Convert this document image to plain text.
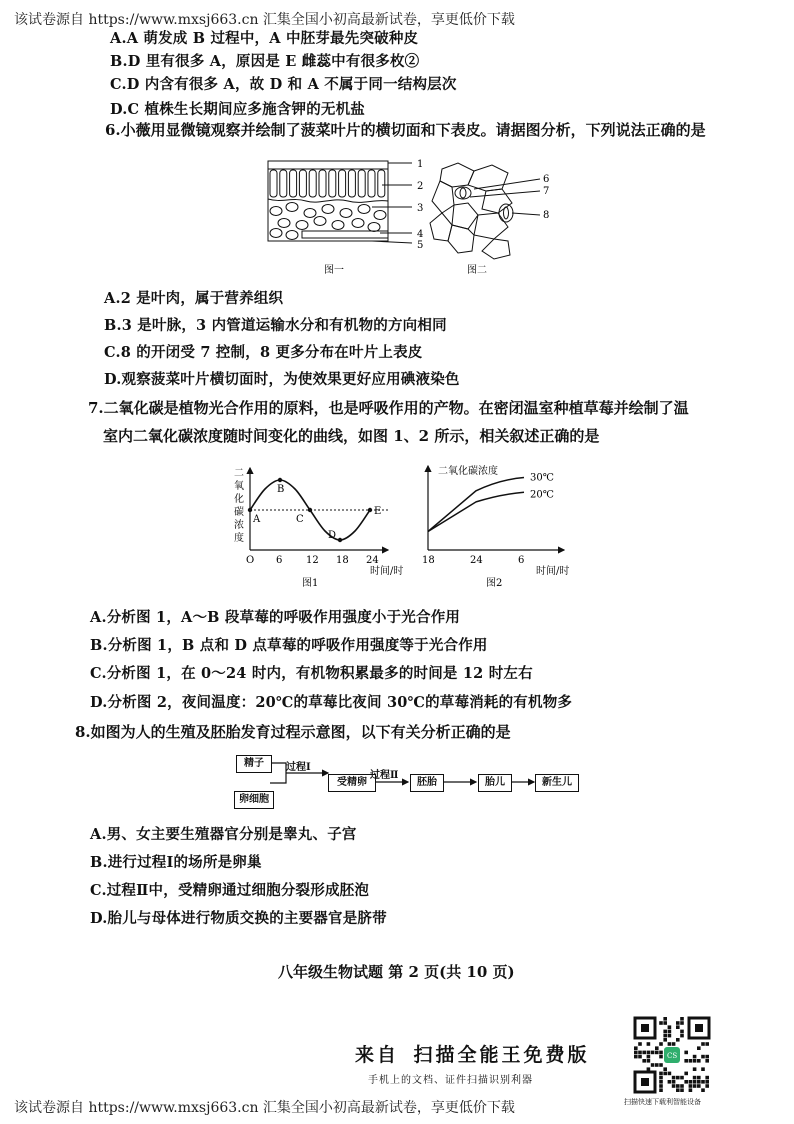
该试卷源自 https://www.mxsj663.cn 汇集全国小初高最新试卷，享更低价下载
A.A 萌发成 B 过程中，A 中胚芽最先突破种皮
B.D 里有很多 A，原因是 E 雌蕊中有很多枚②
C.D 内含有很多 A，故 D 和 A 不属于同一结构层次
D.C 植株生长期间应多施含钾的无机盐
6.小薇用显微镜观察并绘制了菠菜叶片的横切面和下表皮。请据图分析，下列说法正确的是
1
2
3
4
5
图一
6
7
8
图二
A.2 是叶肉，属于营养组织
B.3 是叶脉，3 内管道运输水分和有机物的方向相同
C.8 的开闭受 7 控制，8 更多分布在叶片上表皮
D.观察菠菜叶片横切面时，为使效果更好应用碘液染色
7.二氧化碳是植物光合作用的原料，也是呼吸作用的产物。在密闭温室种植草莓并绘制了温
室内二氧化碳浓度随时间变化的曲线，如图 1、2 所示，相关叙述正确的是
二
氧
化
碳
浓
度
时间/时
图1
A
B
C
D
E
O 6 12 18 24
二氧化碳浓度
时间/时
图2
30℃
20℃
18	24	6
A.分析图 1，A～B 段草莓的呼吸作用强度小于光合作用
B.分析图 1，B 点和 D 点草莓的呼吸作用强度等于光合作用
C.分析图 1，在 0～24 时内，有机物积累最多的时间是 12 时左右
D.分析图 2，夜间温度：20℃的草莓比夜间 30℃的草莓消耗的有机物多
8.如图为人的生殖及胚胎发育过程示意图，以下有关分析正确的是
精子
卵细胞
过程Ⅰ
受精卵
过程Ⅱ
胚胎	胎儿	新生儿
A.男、女主要生殖器官分别是睾丸、子宫
B.进行过程Ⅰ的场所是卵巢
C.过程Ⅱ中，受精卵通过细胞分裂形成胚泡
D.胎儿与母体进行物质交换的主要器官是脐带
八年级生物试题 第 2 页(共 10 页)
来自 扫描全能王免费版
手机上的文档、证件扫描识别利器
CS
扫描快速下载利智能设备
该试卷源自 https://www.mxsj663.cn 汇集全国小初高最新试卷，享更低价下载
